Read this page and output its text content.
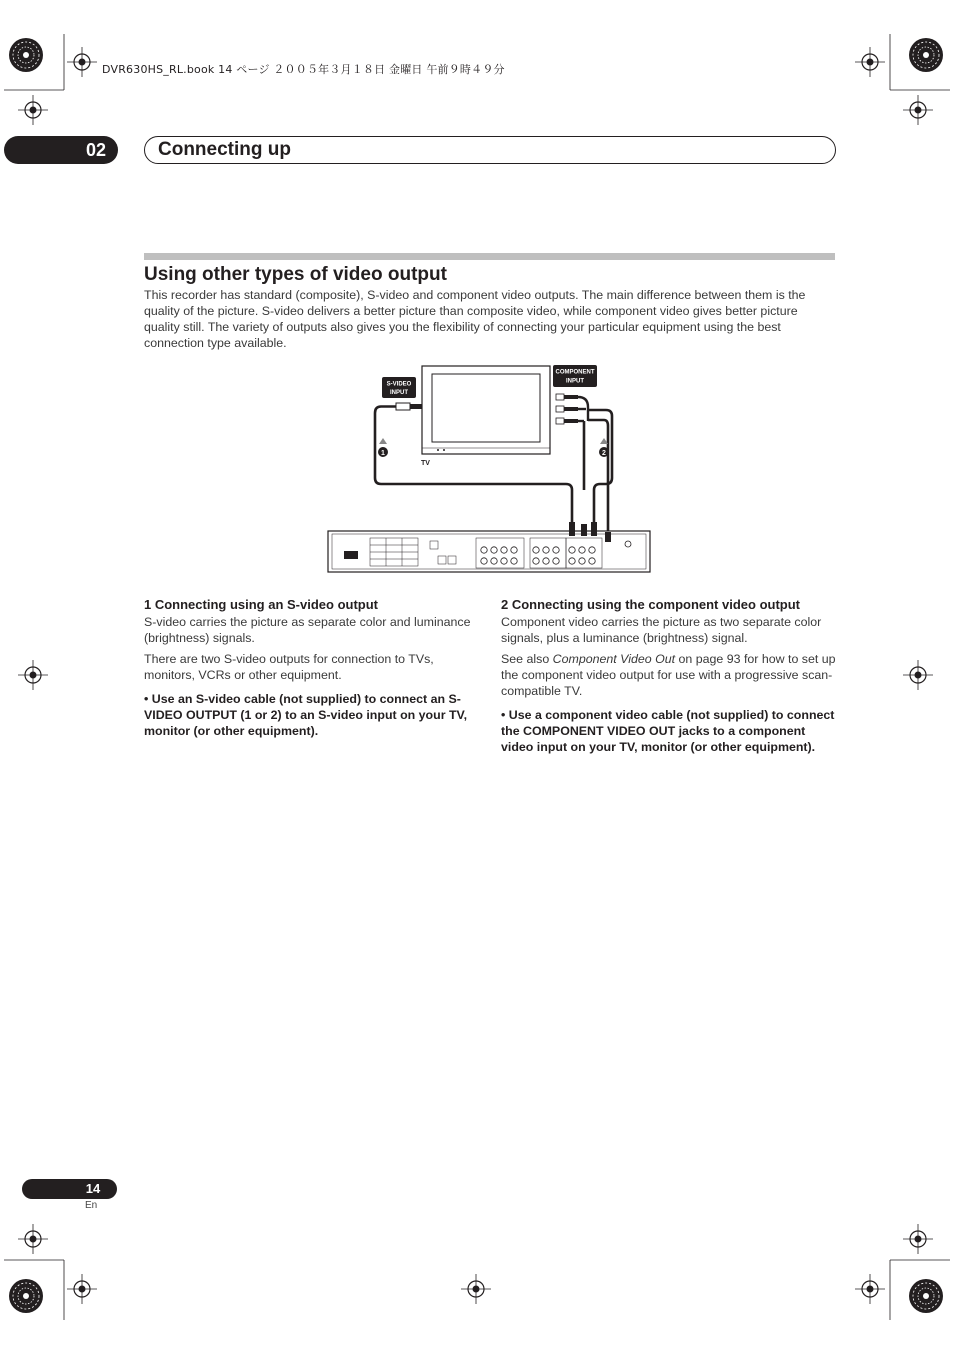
DVR630HS_RL.book 14 ページ ２００５年３月１８日 金曜日 午前９時４９分
02	Connecting up
Using other types of video output
This recorder has standard (composite), S-video and component video outputs. The main difference between them is the quality of the picture. S-video delivers a better picture than composite video, while component video gives better picture quality still. The variety of outputs also gives you the flexibility of connecting your particular equipment using the best connection type available.
TV
S-VIDEO
INPUT
COMPONENT
INPUT
1	2
1 Connecting using an S-video output

S-video carries the picture as separate color and luminance (brightness) signals.

There are two S-video outputs for connection to TVs, monitors, VCRs or other equipment.

• Use an S-video cable (not supplied) to connect an S-VIDEO OUTPUT (1 or 2) to an S-video input on your TV, monitor (or other equipment).

2 Connecting using the component video output

Component video carries the picture as two separate color signals, plus a luminance (brightness) signal.

See also Component Video Out on page 93 for how to set up the component video output for use with a progressive scan-compatible TV.

• Use a component video cable (not supplied) to connect the COMPONENT VIDEO OUT jacks to a component video input on your TV, monitor (or other equipment).

14
En
